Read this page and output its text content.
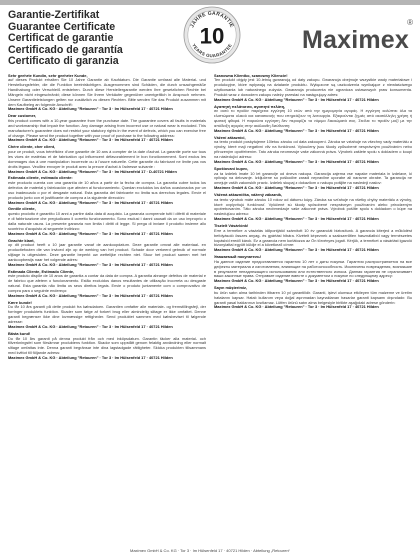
Garantie-Zertifikat
Guarantee Certificate
Certificat de garantie
Certificado de garantía
Certificato di garanzia
JAHRE GARANTIE
YEARS GUARANTEE
10
®
Maximex
Sehr geehrte Kundin, sehr geehrter Kunde,
auf dieses Produkt erhalten Sie 10 Jahre Garantie ab Kaufdatum. Die Garantie umfasst alle Material- und Herstellungsfehler, die die Funktion beeinträchtigen. Ausgenommen sind Schäden, die durch unsachgemäße Handhabung oder Verschleiß entstehen. Durch diese Herstellergarantie werden Ihre gesetzlichen Rechte bei Mängeln nicht eingeschränkt; diese können Sie Ihrem Verkäufer gegenüber unentgeltlich in Anspruch nehmen. Unsere Garantieleistungen gelten nur zusätzlich zu diesen Rechten. Bitte senden Sie das Produkt zusammen mit dem Kaufbeleg an folgende Anschrift:
Maximex GmbH & Co. KG · Abteilung "Retouren" · Tor 3 · Im Hülsenfeld 17 · 40721 Hilden
Dear customer,
this product comes with a 10-year guarantee from the purchase date. The guarantee covers all faults in materials and workmanship that impair the function. Any damage arising from incorrect use or natural wear is excluded. This manufacturer's guarantee does not restrict your statutory rights in the event of defects, which you can exercise free of charge. Please send the product together with your proof of purchase to the following address:
Maximex GmbH & Co. KG · Abteilung "Retouren" · Tor 3 · Im Hülsenfeld 17 · 40721 Hilden
Chère cliente, cher client,
pour ce produit, vous bénéficiez d'une garantie de 10 ans à compter de la date d'achat. La garantie porte sur tous les vices de matériau et de fabrication qui influencent défavorablement le bon fonctionnement. Sont exclus les dommages dus à une manipulation incorrecte ou à l'usure naturelle. Cette garantie du fabricant ne limite pas vos droits légaux. Veuillez envoyer le produit avec la preuve d'achat à l'adresse suivante :
Maximex GmbH & Co. KG · Abteilung "Retouren" · Tor 3 · Im Hülsenfeld 17 · D-40721 Hilden
Estimada cliente, estimado cliente:
este producto cuenta con una garantía de 10 años a partir de la fecha de compra. La garantía cubre todos los defectos de material y fabricación que afecten al funcionamiento. Quedan excluidos los daños ocasionados por un uso inadecuado o por el desgaste natural. Esta garantía del fabricante no limita sus derechos legales. Envíe el producto junto con el justificante de compra a la siguiente dirección:
Maximex GmbH & Co. KG · Abteilung "Retouren" · Tor 3 · Im Hülsenfeld 17 · 40721 Hilden
Gentile cliente,
questo prodotto è garantito 10 anni a partire dalla data di acquisto. La garanzia comprende tutti i difetti di materiale e di fabbricazione che pregiudicano il corretto funzionamento. Sono esclusi i danni causati da un uso improprio o dalla naturale usura. La presente garanzia non limita i diritti di legge. Si prega di inviare il prodotto insieme allo scontrino d'acquisto al seguente indirizzo:
Maximex GmbH & Co. KG · Abteilung "Retouren" · Tor 3 · Im Hülsenfeld 17 · 40721 Hilden
Geachte klant,
op dit product heeft u 10 jaar garantie vanaf de aankoopdatum. Deze garantie omvat alle materiaal- en productiefouten die van invloed zijn op de werking van het product. Schade door verkeerd gebruik of normale slijtage is uitgesloten. Deze garantie beperkt uw wettelijke rechten niet. Stuur het product samen met het aankoopbewijs naar het volgende adres:
Maximex GmbH & Co. KG · Abteilung "Retouren" · Tor 3 · Im Hülsenfeld 17 · 40721 Hilden
Estimada Cliente, Estimado Cliente,
este produto dispõe de 10 anos de garantia a contar da data de compra. A garantia abrange defeitos de material e de fabrico que afetem o funcionamento. Estão excluídos danos resultantes de utilização incorreta ou desgaste natural. Esta garantia não limita os seus direitos legais. Envie o produto juntamente com o comprovativo de compra para o seguinte endereço:
Maximex GmbH & Co. KG · Abteilung "Retouren" · Tor 3 · Im Hülsenfeld 17 · 40721 Hilden
Kære kunde!
Du får 10 års garanti på dette produkt fra købsdatoen. Garantien omfatter alle materiale- og fremstillingsfejl, der forringer produktets funktion. Skader som følge af forkert brug eller almindelig slitage er ikke omfattet. Denne garanti begrænser ikke dine lovmæssige rettigheder. Send produktet sammen med købsbeviset til følgende adresse:
Maximex GmbH & Co. KG · Abteilung "Retouren" · Tor 3 · Im Hülsenfeld 17 · 40721 Hilden
Bästa kund!
Du får 10 års garanti på denna produkt från och med inköpsdatum. Garantin täcker alla material- och tillverkningsfel som försämrar produktens funktion. Skador som uppstått genom felaktig användning eller normalt slitage omfattas inte. Denna garanti begränsar inte dina lagstadgade rättigheter. Skicka produkten tillsammans med kvittot till följande adress:
Maximex GmbH & Co. KG · Abteilung "Retouren" · Tor 3 · Im Hülsenfeld 17 · 40721 Hilden
Szanowna Klientko, szanowny Kliencie!
Ten produkt objęty jest 10-letnią gwarancją od daty zakupu. Gwarancja obejmuje wszystkie wady materiałowe i produkcyjne, które wpływają na działanie produktu. Wyłączone są uszkodzenia wynikające z niewłaściwego użytkowania lub naturalnego zużycia. Gwarancja producenta nie ogranicza ustawowych praw konsumenta. Produkt wraz z dowodem zakupu należy przesłać na następujący adres:
Maximex GmbH & Co. KG · Abteilung "Retouren" · Tor 3 · Im Hülsenfeld 17 · 40721 Hilden
Αγαπητή πελάτισσα, αγαπητέ πελάτη,
σε αυτό το προϊόν παρέχεται εγγύηση 10 ετών από την ημερομηνία αγοράς. Η εγγύηση καλύπτει όλα τα ελαττώματα υλικού και κατασκευής που επηρεάζουν τη λειτουργία. Εξαιρούνται ζημιές από ακατάλληλη χρήση ή φυσική φθορά. Η παρούσα εγγύηση δεν περιορίζει τα νόμιμα δικαιώματά σας. Στείλτε το προϊόν μαζί με την απόδειξη αγοράς στην ακόλουθη διεύθυνση:
Maximex GmbH & Co. KG · Abteilung "Retouren" · Tor 3 · Im Hülsenfeld 17 · 40721 Hilden
Vážení zákazníci,
na tento produkt poskytujeme 10letou záruku od data zakoupení. Záruka se vztahuje na všechny vady materiálu a výroby, které mají negativní vliv na funkčnost. Vyloučeny jsou škody způsobené nesprávným používáním nebo přirozeným opotřebením. Tato záruka neomezuje vaše zákonná práva. Výrobek zašlete spolu s dokladem o koupi na následující adresu:
Maximex GmbH & Co. KG · Abteilung "Retouren" · Tor 3 · Im Hülsenfeld 17 · 40721 Hilden
Spoštovani kupec,
za ta izdelek imate 10 let garancije od dneva nakupa. Garancija zajema vse napake materiala in izdelave, ki vplivajo na delovanje. Izključene so poškodbe zaradi nepravilne uporabe ali naravne obrabe. Ta garancija ne omejuje vaših zakonskih pravic. Izdelek skupaj z dokazilom o nakupu pošljite na naslednji naslov:
Maximex GmbH & Co. KG · Abteilung "Retouren" · Tor 3 · Im Hülsenfeld 17 · 40721 Hilden
Vážená zákazníčka, vážený zákazník,
na tento výrobok máte záruku 10 rokov od dátumu kúpy. Záruka sa vzťahuje na všetky chyby materiálu a výroby, ktoré ovplyvňujú funkčnosť. Vylúčené sú škody spôsobené nesprávnym používaním alebo prirodzeným opotrebovaním. Táto záruka neobmedzuje vaše zákonné práva. Výrobok pošlite spolu s dokladom o kúpe na nasledujúcu adresu:
Maximex GmbH & Co. KG · Abteilung "Retouren" · Tor 3 · Im Hülsenfeld 17 · 40721 Hilden
Tisztelt Vásárlónk!
Erre a termékre a vásárlás időpontjától számított 10 év garanciát biztosítunk. A garancia kiterjed a működést befolyásoló összes anyag- és gyártási hibára. Kivételt képeznek a szakszerűtlen használatból vagy természetes kopásból eredő károk. Ez a garancia nem korlátozza az Ön törvényes jogait. Kérjük, a terméket a vásárlást igazoló bizonylattal együtt küldje el a következő címre:
Maximex GmbH & Co. KG · Abteilung "Retouren" · Tor 3 · Im Hülsenfeld 17 · 40721 Hilden
Уважаемый покупатель!
На данное изделие предоставляется гарантия 10 лет с даты покупки. Гарантия распространяется на все дефекты материала и изготовления, влияющие на работоспособность. Исключены повреждения, возникшие в результате ненадлежащего использования или естественного износа. Данная гарантия не ограничивает ваши законные права. Отправьте изделие вместе с документом о покупке по следующему адресу:
Maximex GmbH & Co. KG · Abteilung "Retouren" · Tor 3 · Im Hülsenfeld 17 · 40721 Hilden
Sayın müşterimiz,
bu ürün satın alma tarihinden itibaren 10 yıl garantilidir. Garanti, işlevi olumsuz etkileyen tüm malzeme ve üretim hatalarını kapsar. Hatalı kullanım veya doğal aşınmadan kaynaklanan hasarlar garanti kapsamı dışındadır. Bu garanti yasal haklarınızı kısıtlamaz. Lütfen ürünü satın alma belgesiyle birlikte aşağıdaki adrese gönderin:
Maximex GmbH & Co. KG · Abteilung "Retouren" · Tor 3 · Im Hülsenfeld 17 · 40721 Hilden
Maximex GmbH & Co. KG · Tor 3 · Im Hülsenfeld 17 · 40721 Hilden · Abteilung „Retouren“
